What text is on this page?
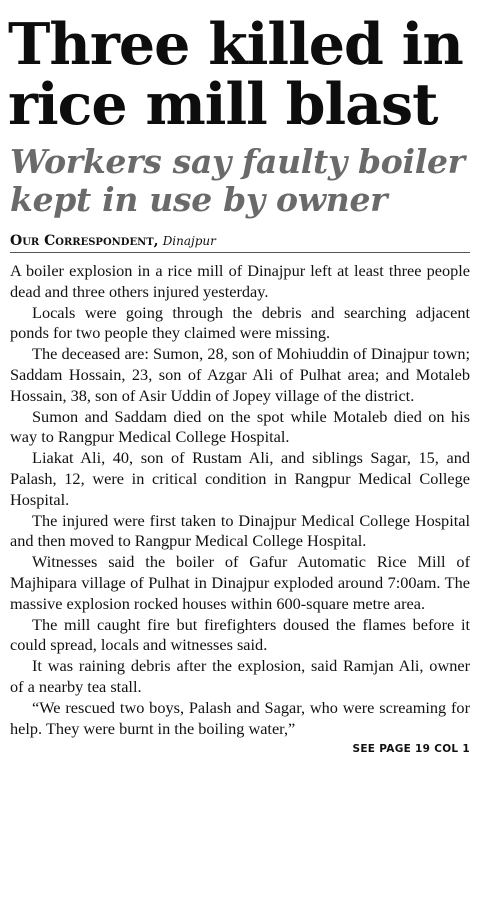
Three killed in
rice mill blast
Workers say faulty boiler
kept in use by owner
Our Correspondent, Dinajpur

A boiler explosion in a rice mill of Dinajpur left at least three people dead and three others injured yesterday.

Locals were going through the debris and searching adjacent ponds for two people they claimed were missing.

The deceased are: Sumon, 28, son of Mohiuddin of Dinajpur town; Saddam Hossain, 23, son of Azgar Ali of Pulhat area; and Motaleb Hossain, 38, son of Asir Uddin of Jopey village of the district.

Sumon and Saddam died on the spot while Motaleb died on his way to Rangpur Medical College Hospital.

Liakat Ali, 40, son of Rustam Ali, and siblings Sagar, 15, and Palash, 12, were in critical condition in Rangpur Medical College Hospital.

The injured were first taken to Dinajpur Medical College Hospital and then moved to Rangpur Medical College Hospital.

Witnesses said the boiler of Gafur Automatic Rice Mill of Majhipara village of Pulhat in Dinajpur exploded around 7:00am. The massive explosion rocked houses within 600-square metre area.

The mill caught fire but firefighters doused the flames before it could spread, locals and witnesses said.

It was raining debris after the explosion, said Ramjan Ali, owner of a nearby tea stall.

“We rescued two boys, Palash and Sagar, who were screaming for help. They were burnt in the boiling water,”

SEE PAGE 19 COL 1
